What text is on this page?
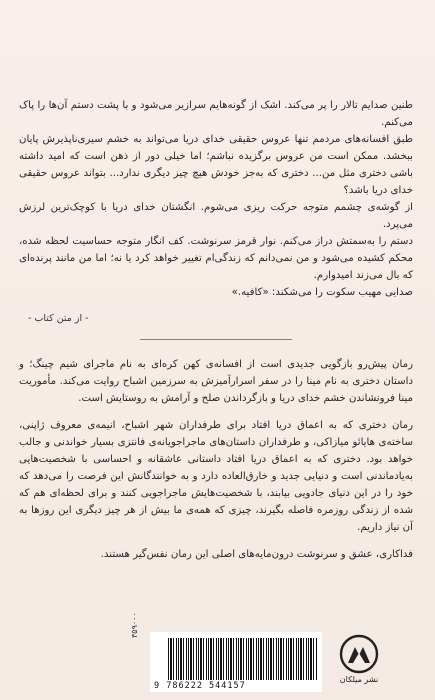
طنین صدایم تالار را پر می‌کند. اشک از گونه‌هایم سرازیر می‌شود و با پشت دستم آن‌ها را پاک می‌کنم.

طبق افسانه‌های مردمم تنها عروس حقیقی خدای دریا می‌تواند به خشم سیری‌ناپذیرش پایان ببخشد. ممکن است من عروس برگزیده نباشم؛ اما خیلی دور از ذهن است که امید داشته باشی دختری مثل من... دختری که به‌جز خودش هیچ چیز دیگری ندارد... بتواند عروس حقیقی خدای دریا باشد؟

از گوشه‌ی چشمم متوجه حرکت ریزی می‌شوم. انگشتان خدای دریا با کوچک‌ترین لرزش می‌پرد.

دستم را به‌سمتش دراز می‌کنم. نوار قرمز سرنوشت. کف انگار متوجه حساسیت لحظه شده، محکم کشیده می‌شود و من نمی‌دانم که زندگی‌ام تغییر خواهد کرد یا نه؛ اما من مانند پرنده‌ای که بال می‌زند امیدوارم.

صدایی مهیب سکوت را می‌شکند: «کافیه.»

- از متن کتاب -

رمان پیش‌رو بازگویی جدیدی است از افسانه‌ی کهن کره‌ای به نام ماجرای شیم چینگ؛ و داستان دختری به نام مینا را در سفر اسرارآمیزش به سرزمین اشباح روایت می‌کند. مأموریت مینا فرونشاندن خشم خدای دریا و بازگرداندن صلح و آرامش به روستایش است.

رمان دختری که به اعماق دریا افتاد برای طرفداران شهر اشباح، انیمه‌ی معروف ژاپنی، ساخته‌ی هایائو میازاکی، و طرفداران داستان‌های ماجراجویانه‌ی فانتزی بسیار خواندنی و جالب خواهد بود. دختری که به اعماق دریا افتاد داستانی عاشقانه و احساسی با شخصیت‌هایی به‌یادماندنی است و دنیایی جدید و خارق‌العاده دارد و به خوانندگانش این فرصت را می‌دهد که خود را در این دنیای جادویی بیابند، با شخصیت‌هایش ماجراجویی کنند و برای لحظه‌ای هم که شده از زندگی روزمره فاصله بگیرند، چیزی که همه‌ی ما بیش از هر چیز دیگری این روزها به آن نیاز داریم.

فداکاری، عشق و سرنوشت درون‌مایه‌های اصلی این رمان نفس‌گیر هستند.

۳۵۹۰۰۰
9 786222 544157
نشر میلکان
